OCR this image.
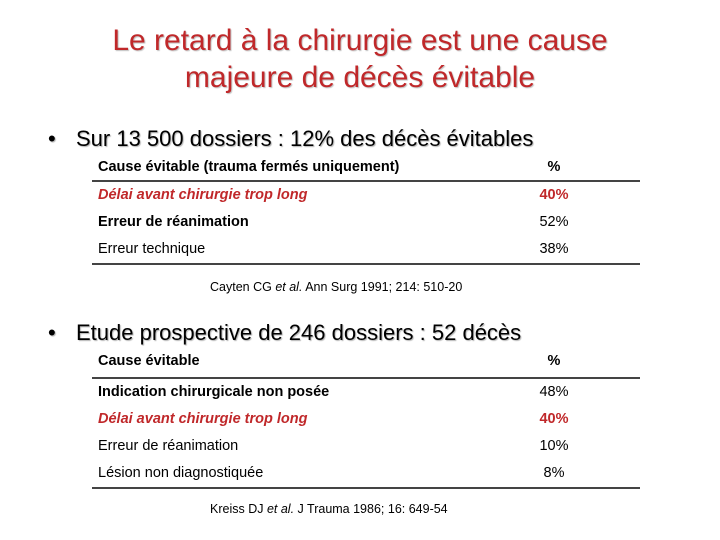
Le retard à la chirurgie est une cause
majeure de décès évitable
• Sur 13 500 dossiers : 12% des décès évitables
Cause évitable (trauma fermés uniquement)	%
Délai avant chirurgie trop long	40%
Erreur de réanimation	52%
Erreur technique	38%
Cayten CG et al. Ann Surg 1991; 214: 510-20
• Etude prospective de 246 dossiers : 52 décès
Cause évitable	%
Indication chirurgicale non posée	48%
Délai avant chirurgie trop long	40%
Erreur de réanimation	10%
Lésion non diagnostiquée	8%
Kreiss DJ et al. J Trauma 1986; 16: 649-54
